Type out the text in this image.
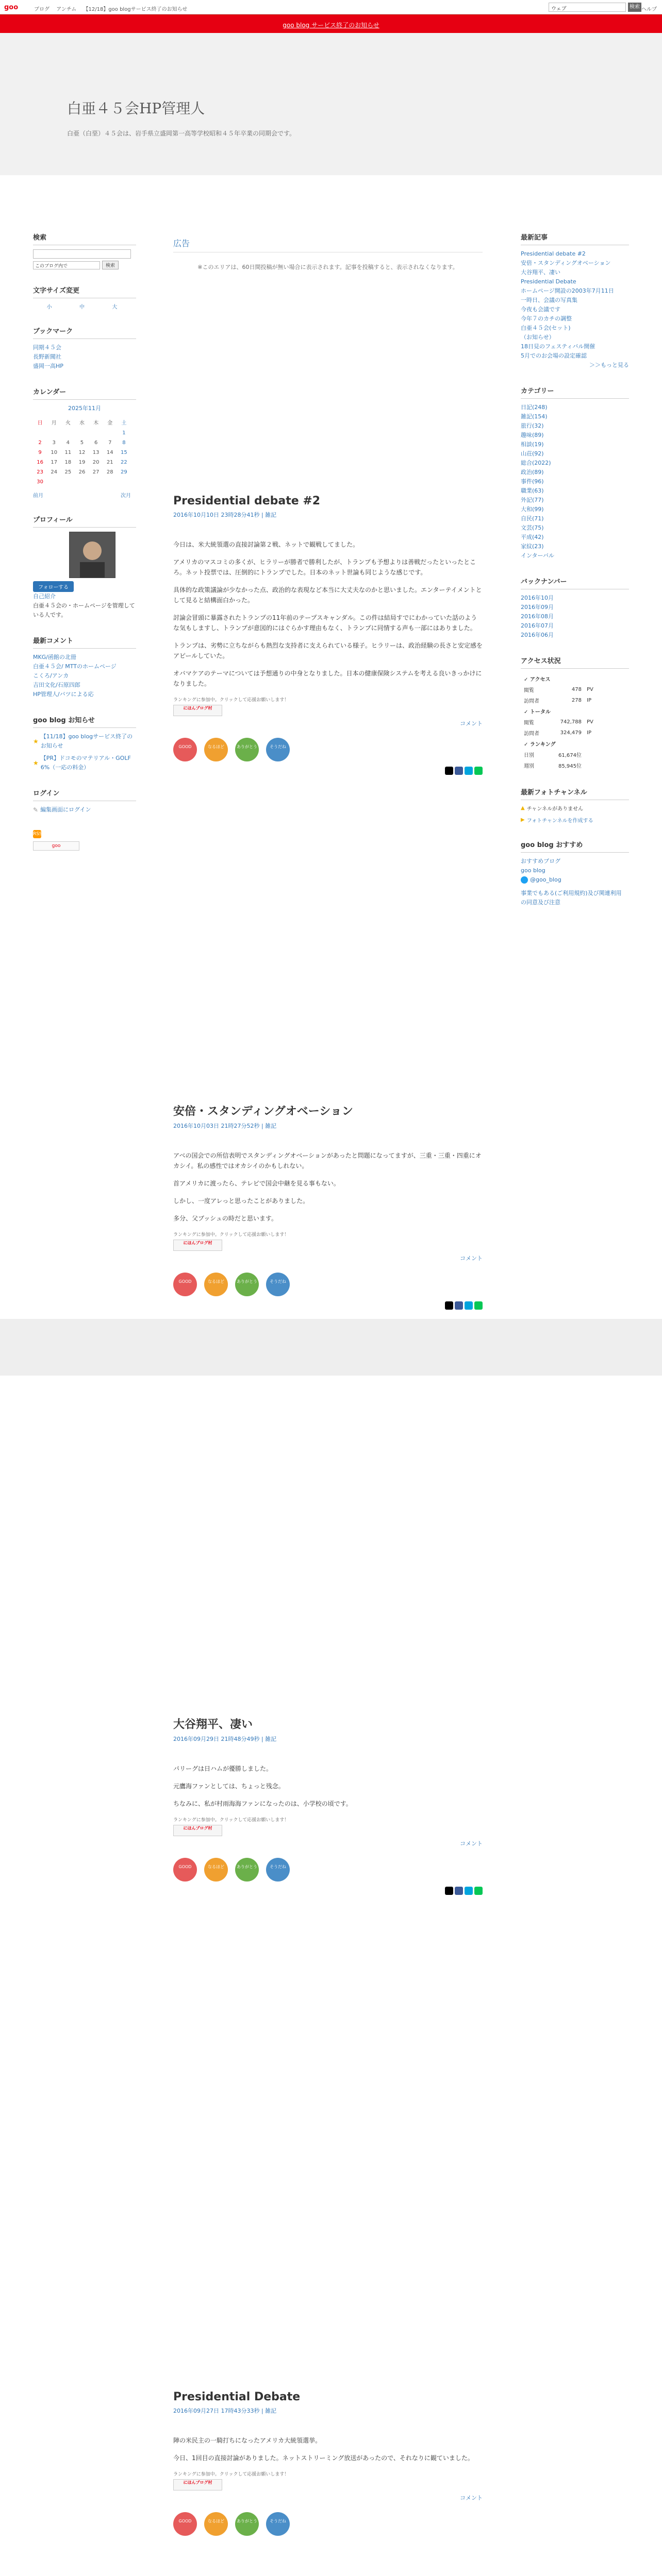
goo	ブログ アンチム 【12/18】goo blogサービス終了のお知らせ	ウェブ	検索 ヘルプ
goo blog サービス終了のお知らせ
白亜４５会HP管理人
白亜（白堊）４５会は、岩手県立盛岡第一高等学校昭和４５年卒業の同期会です。
検索
このブログ内で	検索
文字サイズ変更
小	中	大
ブックマーク
同期４５会
長野新聞社
盛岡一高HP
カレンダー
2025年11月
日	月	火	水	木	金	土
						1
2	3	4	5	6	7	8
9	10	11	12	13	14	15
16	17	18	19	20	21	22
23	24	25	26	27	28	29
30						
前月	次月
プロフィール
フォローする
自己紹介
白亜４５会の・ホームページを管理している人です。
最新コメント
MKG/函館の北冊
白亜４５会/ MTTのホームページ
こくろ/アンカ
吉田文化/石原四郎
HP管理人/バツによる応
goo blog お知らせ
★
【11/18】goo blogサービス終了のお知らせ
★
【PR】ドコモのマテリアル・GOLF 6%（一応の料金）
ログイン
✎ 編集画面にログイン
RSS
goo
広告
※このエリアは、60日間投稿が無い場合に表示されます。記事を投稿すると、表示されなくなります。
Presidential debate #2
2016年10月10日 23時28分41秒 | 雑記

今日は、米大統領選の直接討論第２戦、ネットで観戦してました。

アメリカのマスコミの多くが、ヒラリーが勝者で勝利したが、トランプも予想よりは善戦だったといったところ。ネット投票では、圧倒的にトランプでした。日本のネット世論も同じような感じです。

具体的な政策議論が少なかった点、政治的な表現など本当に大丈夫なのかと思いました。エンターテイメントとして見ると結構面白かった。

討論会冒頭に暴露されたトランプの11年前のテープスキャンダル。この件は結局すでにわかっていた話のような気もしますし、トランプが意図的にはぐらかす理由もなく、トランプに同情する声も一部にはありました。

トランプは、劣勢に立ちながらも熱烈な支持者に支えられている様子。ヒラリーは、政治経験の長さと安定感をアピールしていた。

オバマケアのテーマについては予想通りの中身となりました。日本の健康保険システムを考える良いきっかけになりました。

ランキングに参加中。クリックして応援お願いします！
にほんブログ村
コメント
GOOD	なるほど	ありがとう	そうだね
安倍・スタンディングオベーション
2016年10月03日 21時27分52秒 | 雑記

アベの国会での所信表明でスタンディングオベーションがあったと問題になってますが、三重・三重・四重にオカシイ。私の感性ではオカシイのかもしれない。

首アメリカに渡ったら、テレビで国会中継を見る事もない。

しかし、一度アレっと思ったことがありました。

多分、父ブッシュの時だと思います。

ランキングに参加中。クリックして応援お願いします！
にほんブログ村
コメント
GOOD	なるほど	ありがとう	そうだね
大谷翔平、凄い
2016年09月29日 21時48分49秒 | 雑記

パリーグは日ハムが優勝しました。

元鷹海ファンとしては、ちょっと残念。

ちなみに、私が村雨海海ファンになったのは、小学校の頃です。

ランキングに参加中。クリックして応援お願いします！
にほんブログ村
コメント
GOOD	なるほど	ありがとう	そうだね
Presidential Debate
2016年09月27日 17時43分33秒 | 雑記

陣の米民主の一騎打ちになったアメリカ大統領選挙。

今日、1回目の直接討論がありました。ネットストリーミング放送があったので、それなりに観ていました。

ランキングに参加中。クリックして応援お願いします！
にほんブログ村
コメント
GOOD	なるほど	ありがとう	そうだね
最新記事
Presidential debate #2
安倍・スタンディングオベーション
大谷翔平、凄い
Presidential Debate
ホームページ開設の2003年7月11日
一時日、会議の写真集
今夜も会議です
今年７のカチの調整
白亜４５会(セット)
（お知らせ）
18日見のフェスティバル開催
5月でのお会場の設定確認
＞＞もっと見る
カテゴリー
日記(248)
雑記(154)
旅行(32)
趣味(89)
相談(19)
山荘(92)
総合(2022)
政治(89)
事件(96)
職業(63)
外記(77)
大和(99)
自民(71)
文芸(75)
平成(42)
家紋(23)
インターバル
バックナンバー
2016年10月
2016年09月
2016年08月
2016年07月
2016年06月
アクセス状況
✓ アクセス		
閲覧	478	PV
訪問者	278	IP
✓ トータル		
閲覧	742,788	PV
訪問者	324,479	IP
✓ ランキング		
日別	61,674位	
週別	85,945位	
最新フォトチャンネル
▲ チャンネルがありません
▶ フォトチャンネルを作成する
goo blog おすすめ
おすすめブログ
goo blog
@goo_blog
事業でもある(ご利用規約)及び関連利用
の同意及び注意
